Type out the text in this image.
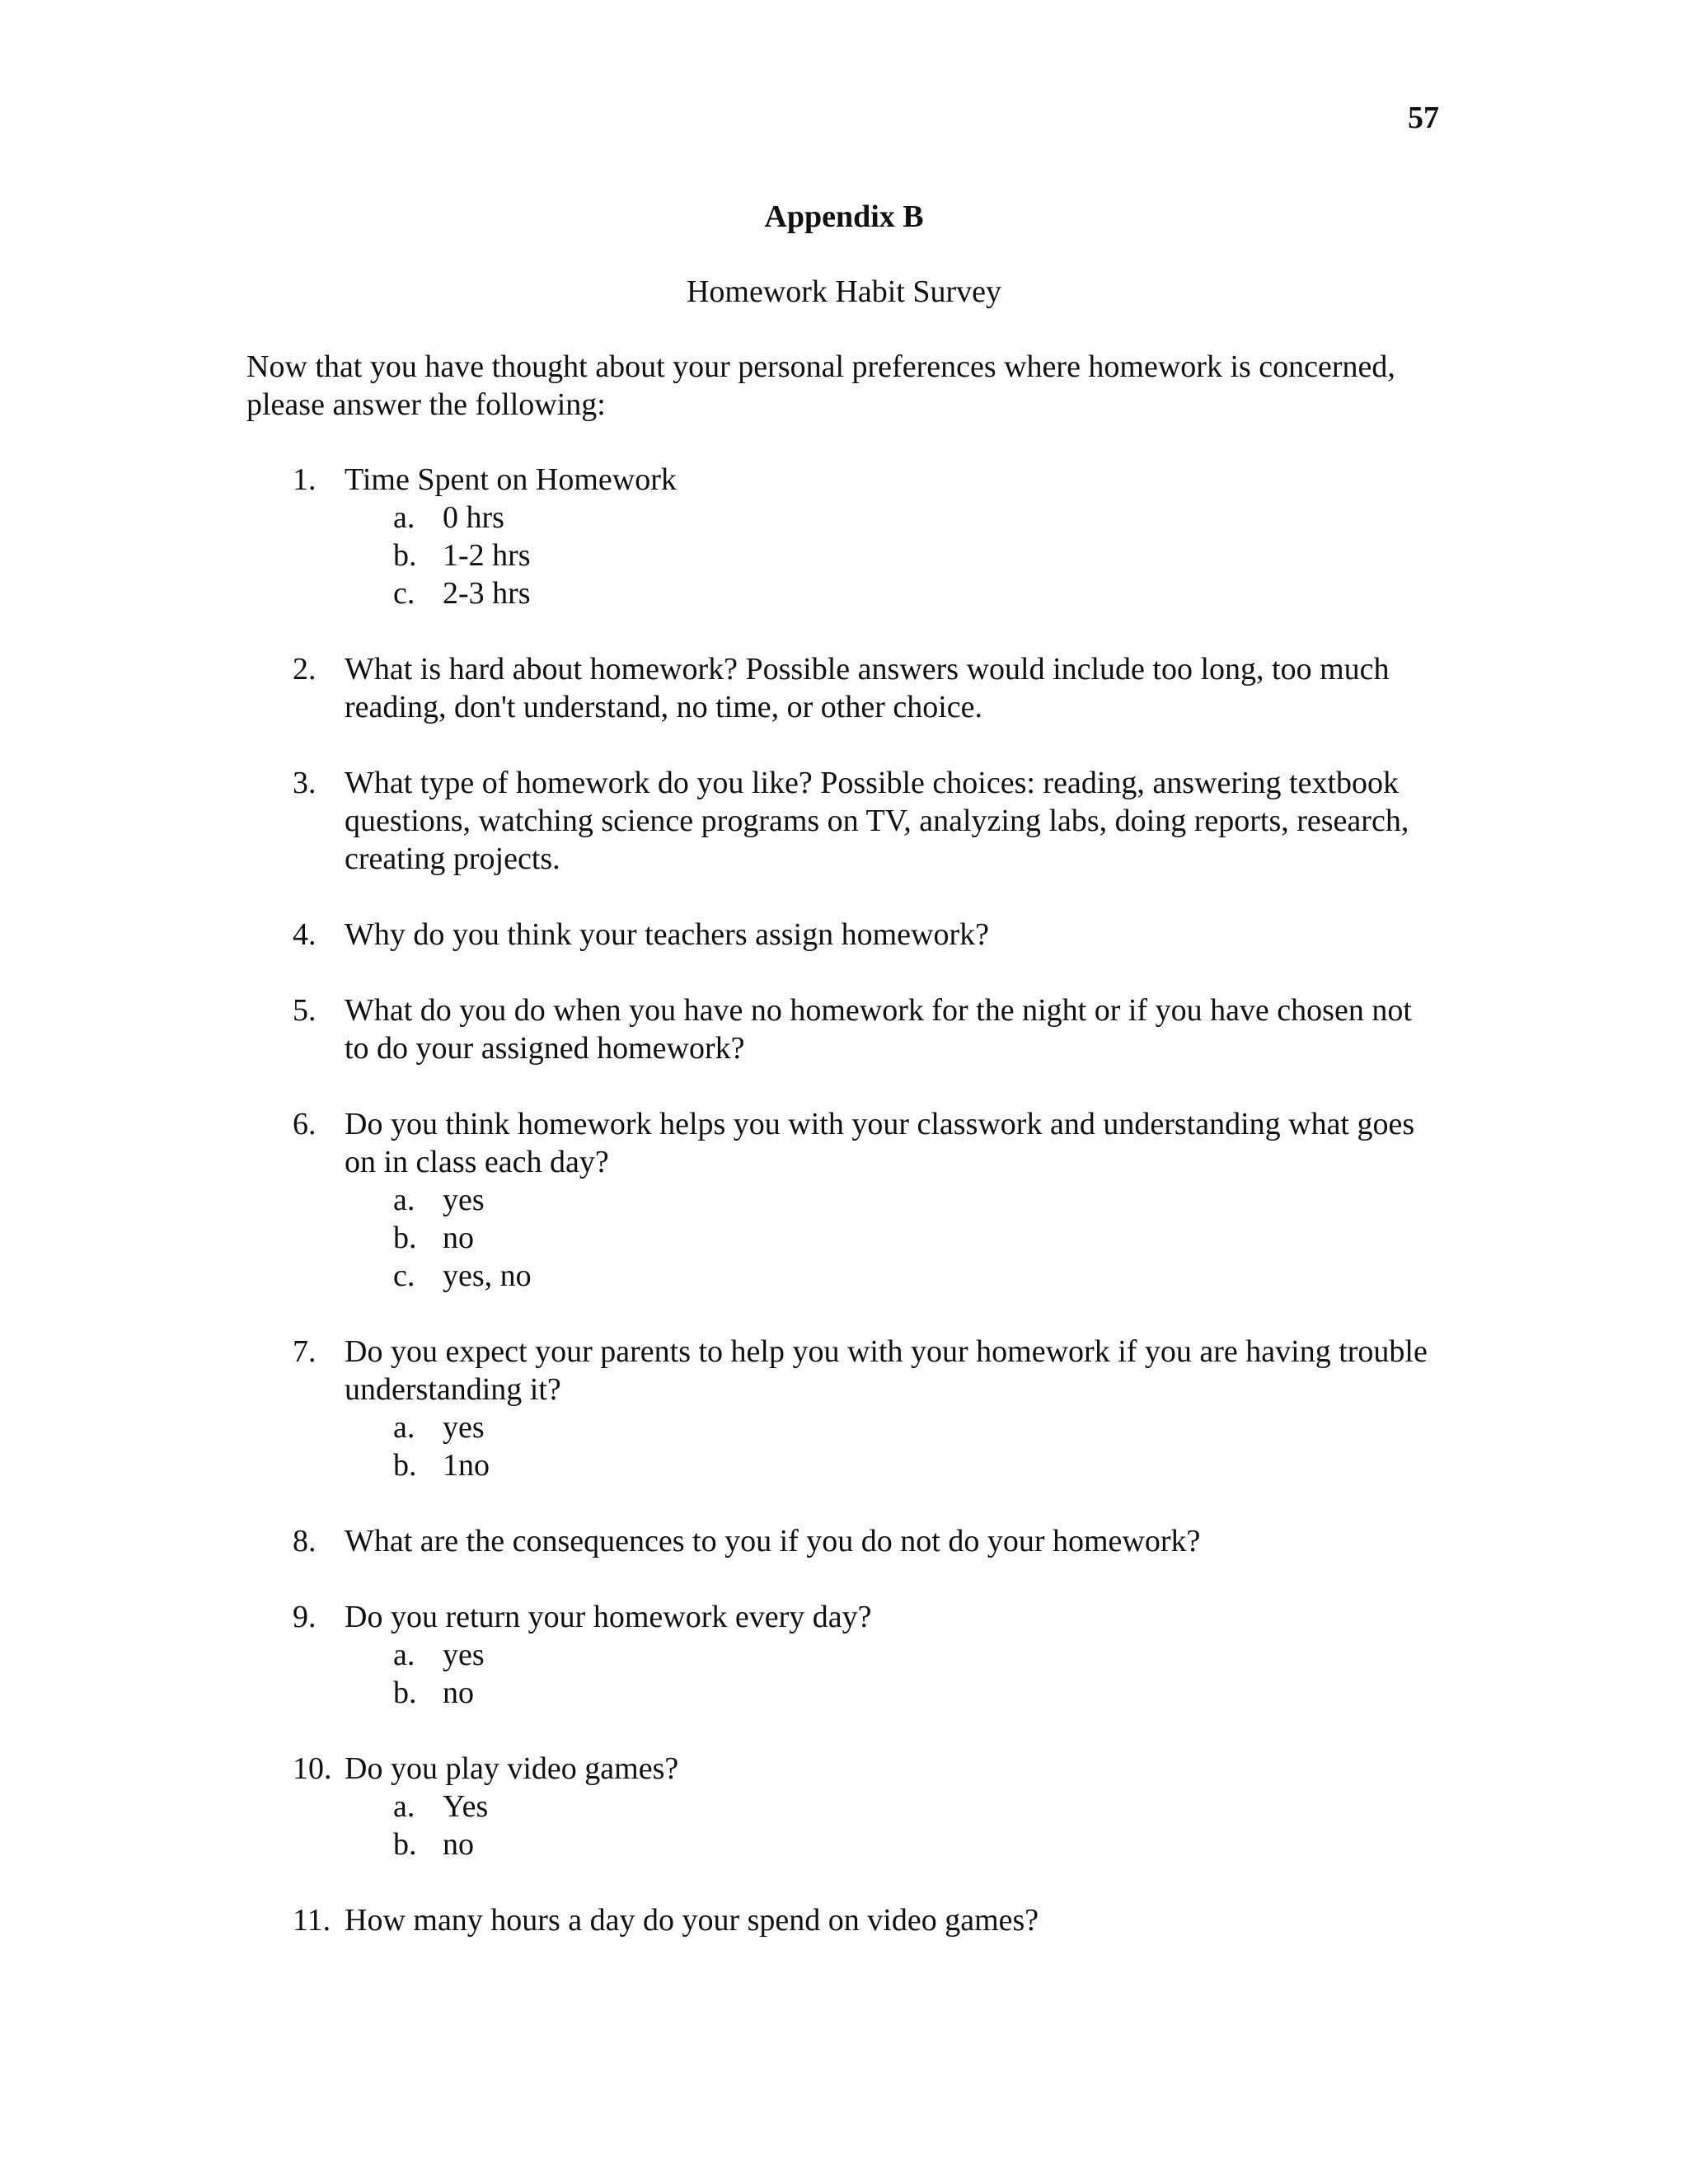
57
Appendix B
Homework Habit Survey
Now that you have thought about your personal preferences where homework is concerned, please answer the following:
1. Time Spent on Homework
a. 0 hrs
b. 1-2 hrs
c. 2-3 hrs
2. What is hard about homework? Possible answers would include too long, too much reading, don't understand, no time, or other choice.
3. What type of homework do you like? Possible choices: reading, answering textbook questions, watching science programs on TV, analyzing labs, doing reports, research, creating projects.
4. Why do you think your teachers assign homework?
5. What do you do when you have no homework for the night or if you have chosen not to do your assigned homework?
6. Do you think homework helps you with your classwork and understanding what goes on in class each day?
a. yes
b. no
c. yes, no
7. Do you expect your parents to help you with your homework if you are having trouble understanding it?
a. yes
b. 1no
8. What are the consequences to you if you do not do your homework?
9. Do you return your homework every day?
a. yes
b. no
10. Do you play video games?
a. Yes
b. no
11. How many hours a day do your spend on video games?
